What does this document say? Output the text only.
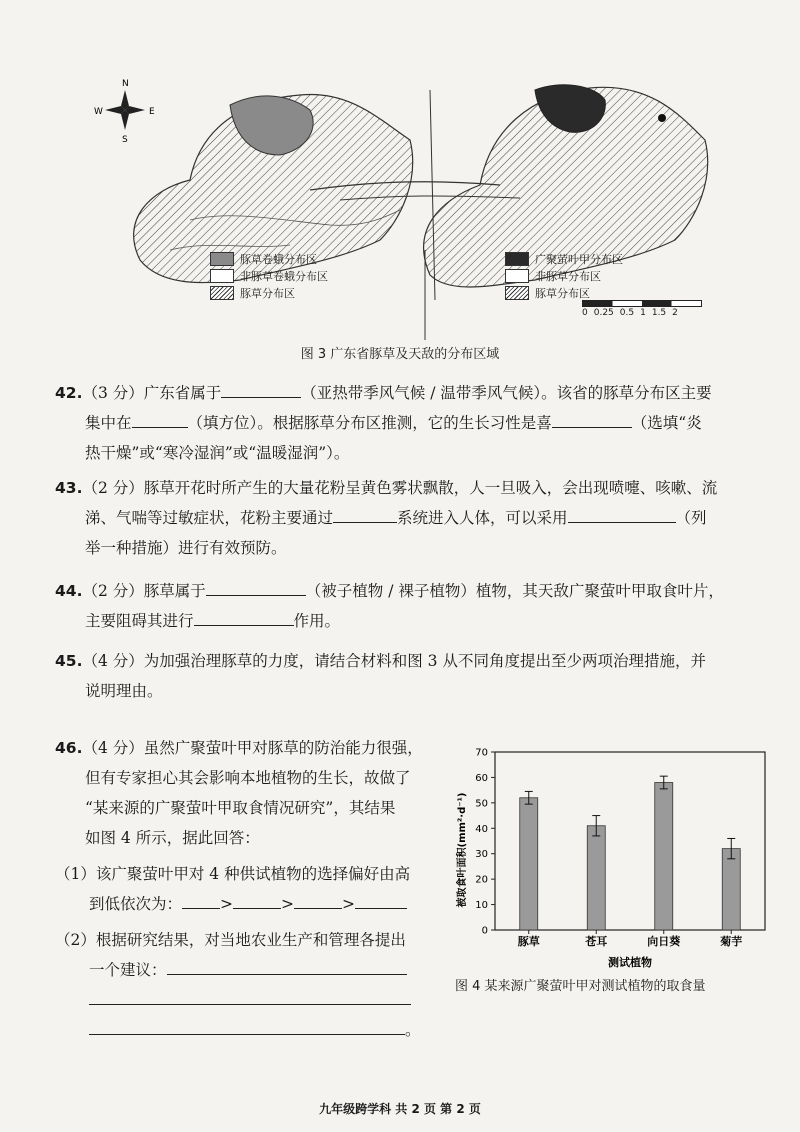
N
S
E
W
豚草卷蛾分布区
非豚草卷蛾分布区
豚草分布区
广聚萤叶甲分布区
非豚草分布区
豚草分布区
0 0.25 0.5 1 1.5 2
图 3 广东省豚草及天敌的分布区域
42.（3 分）广东省属于	（亚热带季风气候 / 温带季风气候）。该省的豚草分布区主要
集中在	（填方位）。根据豚草分布区推测，它的生长习性是喜	（选填“炎
热干燥”或“寒冷湿润”或“温暖湿润”）。
43.（2 分）豚草开花时所产生的大量花粉呈黄色雾状飘散，人一旦吸入，会出现喷嚏、咳嗽、流
涕、气喘等过敏症状，花粉主要通过	系统进入人体，可以采用	（列
举一种措施）进行有效预防。
44.（2 分）豚草属于	（被子植物 / 裸子植物）植物，其天敌广聚萤叶甲取食叶片，
主要阻碍其进行	作用。
45.（4 分）为加强治理豚草的力度，请结合材料和图 3 从不同角度提出至少两项治理措施，并
说明理由。
46.（4 分）虽然广聚萤叶甲对豚草的防治能力很强，
但有专家担心其会影响本地植物的生长，故做了
“某来源的广聚萤叶甲取食情况研究”，其结果
如图 4 所示，据此回答：
（1）该广聚萤叶甲对 4 种供试植物的选择偏好由高
到低依次为： >	>	>
（2）根据研究结果，对当地农业生产和管理各提出
一个建议：
。
0
10
20
30
40
50
60
70
豚草	苍耳	向日葵	菊芋
被取食叶面积(mm²·d⁻¹)
测试植物
图 4 某来源广聚萤叶甲对测试植物的取食量
九年级跨学科 共 2 页 第 2 页
